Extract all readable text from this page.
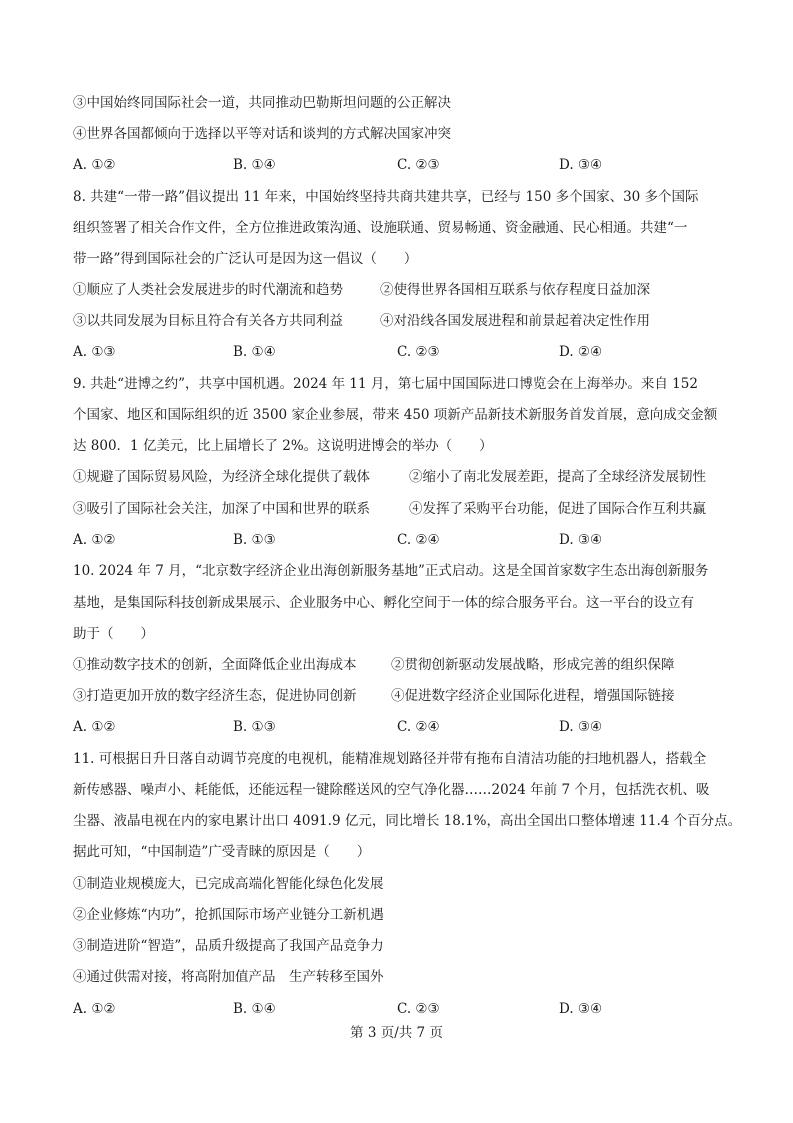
③中国始终同国际社会一道，共同推动巴勒斯坦问题的公正解决
④世界各国都倾向于选择以平等对话和谈判的方式解决国家冲突
A. ①②	B. ①④	C. ②③	D. ③④
8. 共建“一带一路”倡议提出 11 年来，中国始终坚持共商共建共享，已经与 150 多个国家、30 多个国际
组织签署了相关合作文件，全方位推进政策沟通、设施联通、贸易畅通、资金融通、民心相通。共建“一
带一路”得到国际社会的广泛认可是因为这一倡议（　　）
①顺应了人类社会发展进步的时代潮流和趋势	②使得世界各国相互联系与依存程度日益加深
③以共同发展为目标且符合有关各方共同利益	④对沿线各国发展进程和前景起着决定性作用
A. ①③	B. ①④	C. ②③	D. ②④
9. 共赴“进博之约”，共享中国机遇。2024 年 11 月，第七届中国国际进口博览会在上海举办。来自 152
个国家、地区和国际组织的近 3500 家企业参展，带来 450 项新产品新技术新服务首发首展，意向成交金额
达 800．1 亿美元，比上届增长了 2%。这说明进博会的举办（　　）
①规避了国际贸易风险，为经济全球化提供了载体	②缩小了南北发展差距，提高了全球经济发展韧性
③吸引了国际社会关注，加深了中国和世界的联系	④发挥了采购平台功能，促进了国际合作互利共赢
A. ①②	B. ①③	C. ②④	D. ③④
10. 2024 年 7 月，“北京数字经济企业出海创新服务基地”正式启动。这是全国首家数字生态出海创新服务
基地，是集国际科技创新成果展示、企业服务中心、孵化空间于一体的综合服务平台。这一平台的设立有
助于（　　）
①推动数字技术的创新，全面降低企业出海成本	②贯彻创新驱动发展战略，形成完善的组织保障
③打造更加开放的数字经济生态，促进协同创新	④促进数字经济企业国际化进程，增强国际链接
A. ①②	B. ①③	C. ②④	D. ③④
11. 可根据日升日落自动调节亮度的电视机，能精准规划路径并带有拖布自清洁功能的扫地机器人，搭载全
新传感器、噪声小、耗能低，还能远程一键除醛送风的空气净化器……2024 年前 7 个月，包括洗衣机、吸
尘器、液晶电视在内的家电累计出口 4091.9 亿元，同比增长 18.1%，高出全国出口整体增速 11.4 个百分点。
据此可知，“中国制造”广受青睐的原因是（　　）
①制造业规模庞大，已完成高端化智能化绿色化发展
②企业修炼“内功”，抢抓国际市场产业链分工新机遇
③制造进阶“智造”，品质升级提高了我国产品竞争力
④通过供需对接，将高附加值产品　生产转移至国外
A. ①②	B. ①④	C. ②③	D. ③④
第 3 页/共 7 页
